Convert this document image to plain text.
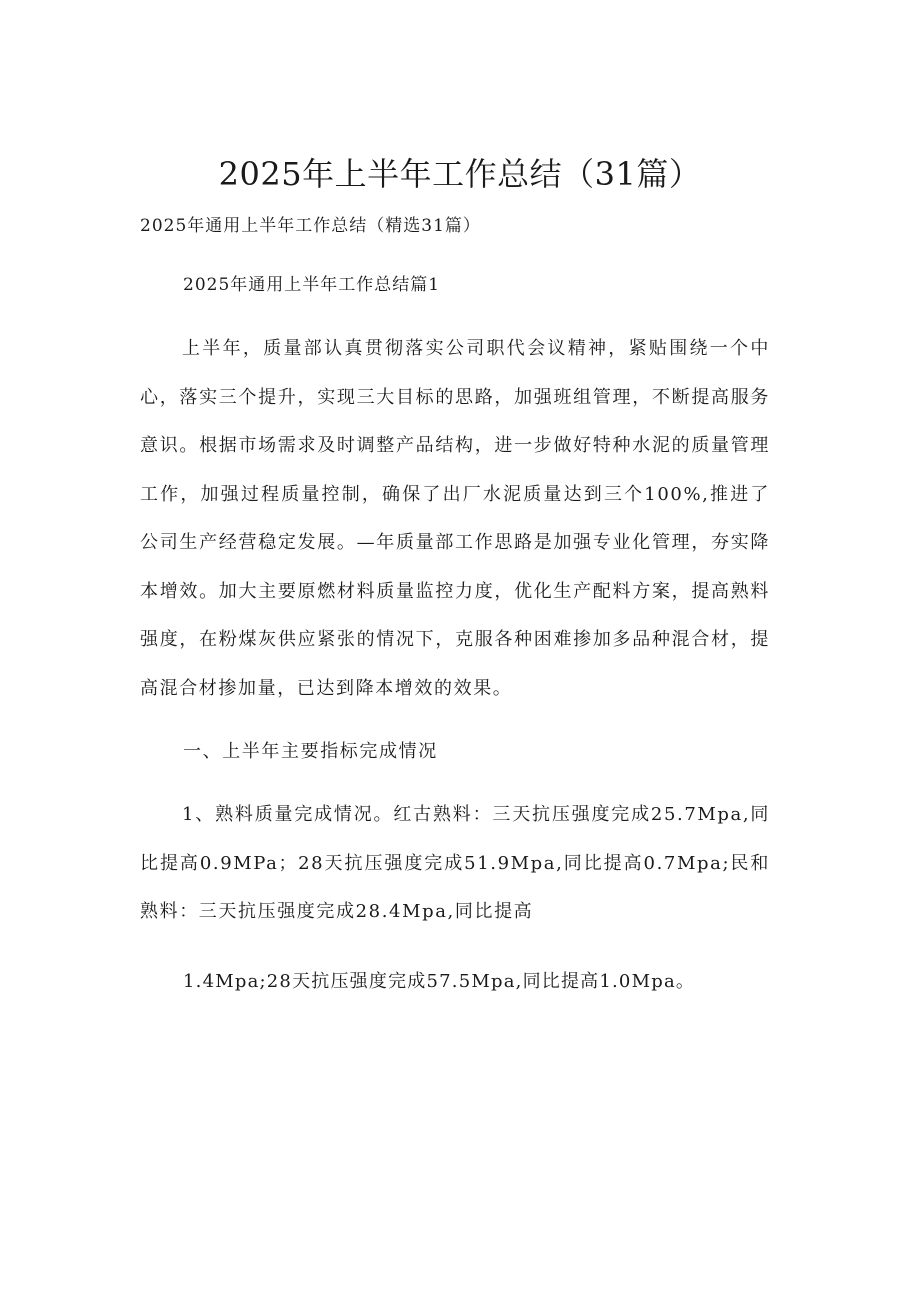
2025年上半年工作总结（31篇）
2025年通用上半年工作总结（精选31篇）
2025年通用上半年工作总结篇1

上半年，质量部认真贯彻落实公司职代会议精神，紧贴围绕一个中心，落实三个提升，实现三大目标的思路，加强班组管理，不断提高服务意识。根据市场需求及时调整产品结构，进一步做好特种水泥的质量管理工作，加强过程质量控制，确保了出厂水泥质量达到三个100%,推进了公司生产经营稳定发展。—年质量部工作思路是加强专业化管理，夯实降本增效。加大主要原燃材料质量监控力度，优化生产配料方案，提高熟料强度，在粉煤灰供应紧张的情况下，克服各种困难掺加多品种混合材，提高混合材掺加量，已达到降本增效的效果。

一、上半年主要指标完成情况

1、熟料质量完成情况。红古熟料：三天抗压强度完成25.7Mpa,同比提高0.9MPa；28天抗压强度完成51.9Mpa,同比提高0.7Mpa;民和熟料：三天抗压强度完成28.4Mpa,同比提高

1.4Mpa;28天抗压强度完成57.5Mpa,同比提高1.0Mpa。
